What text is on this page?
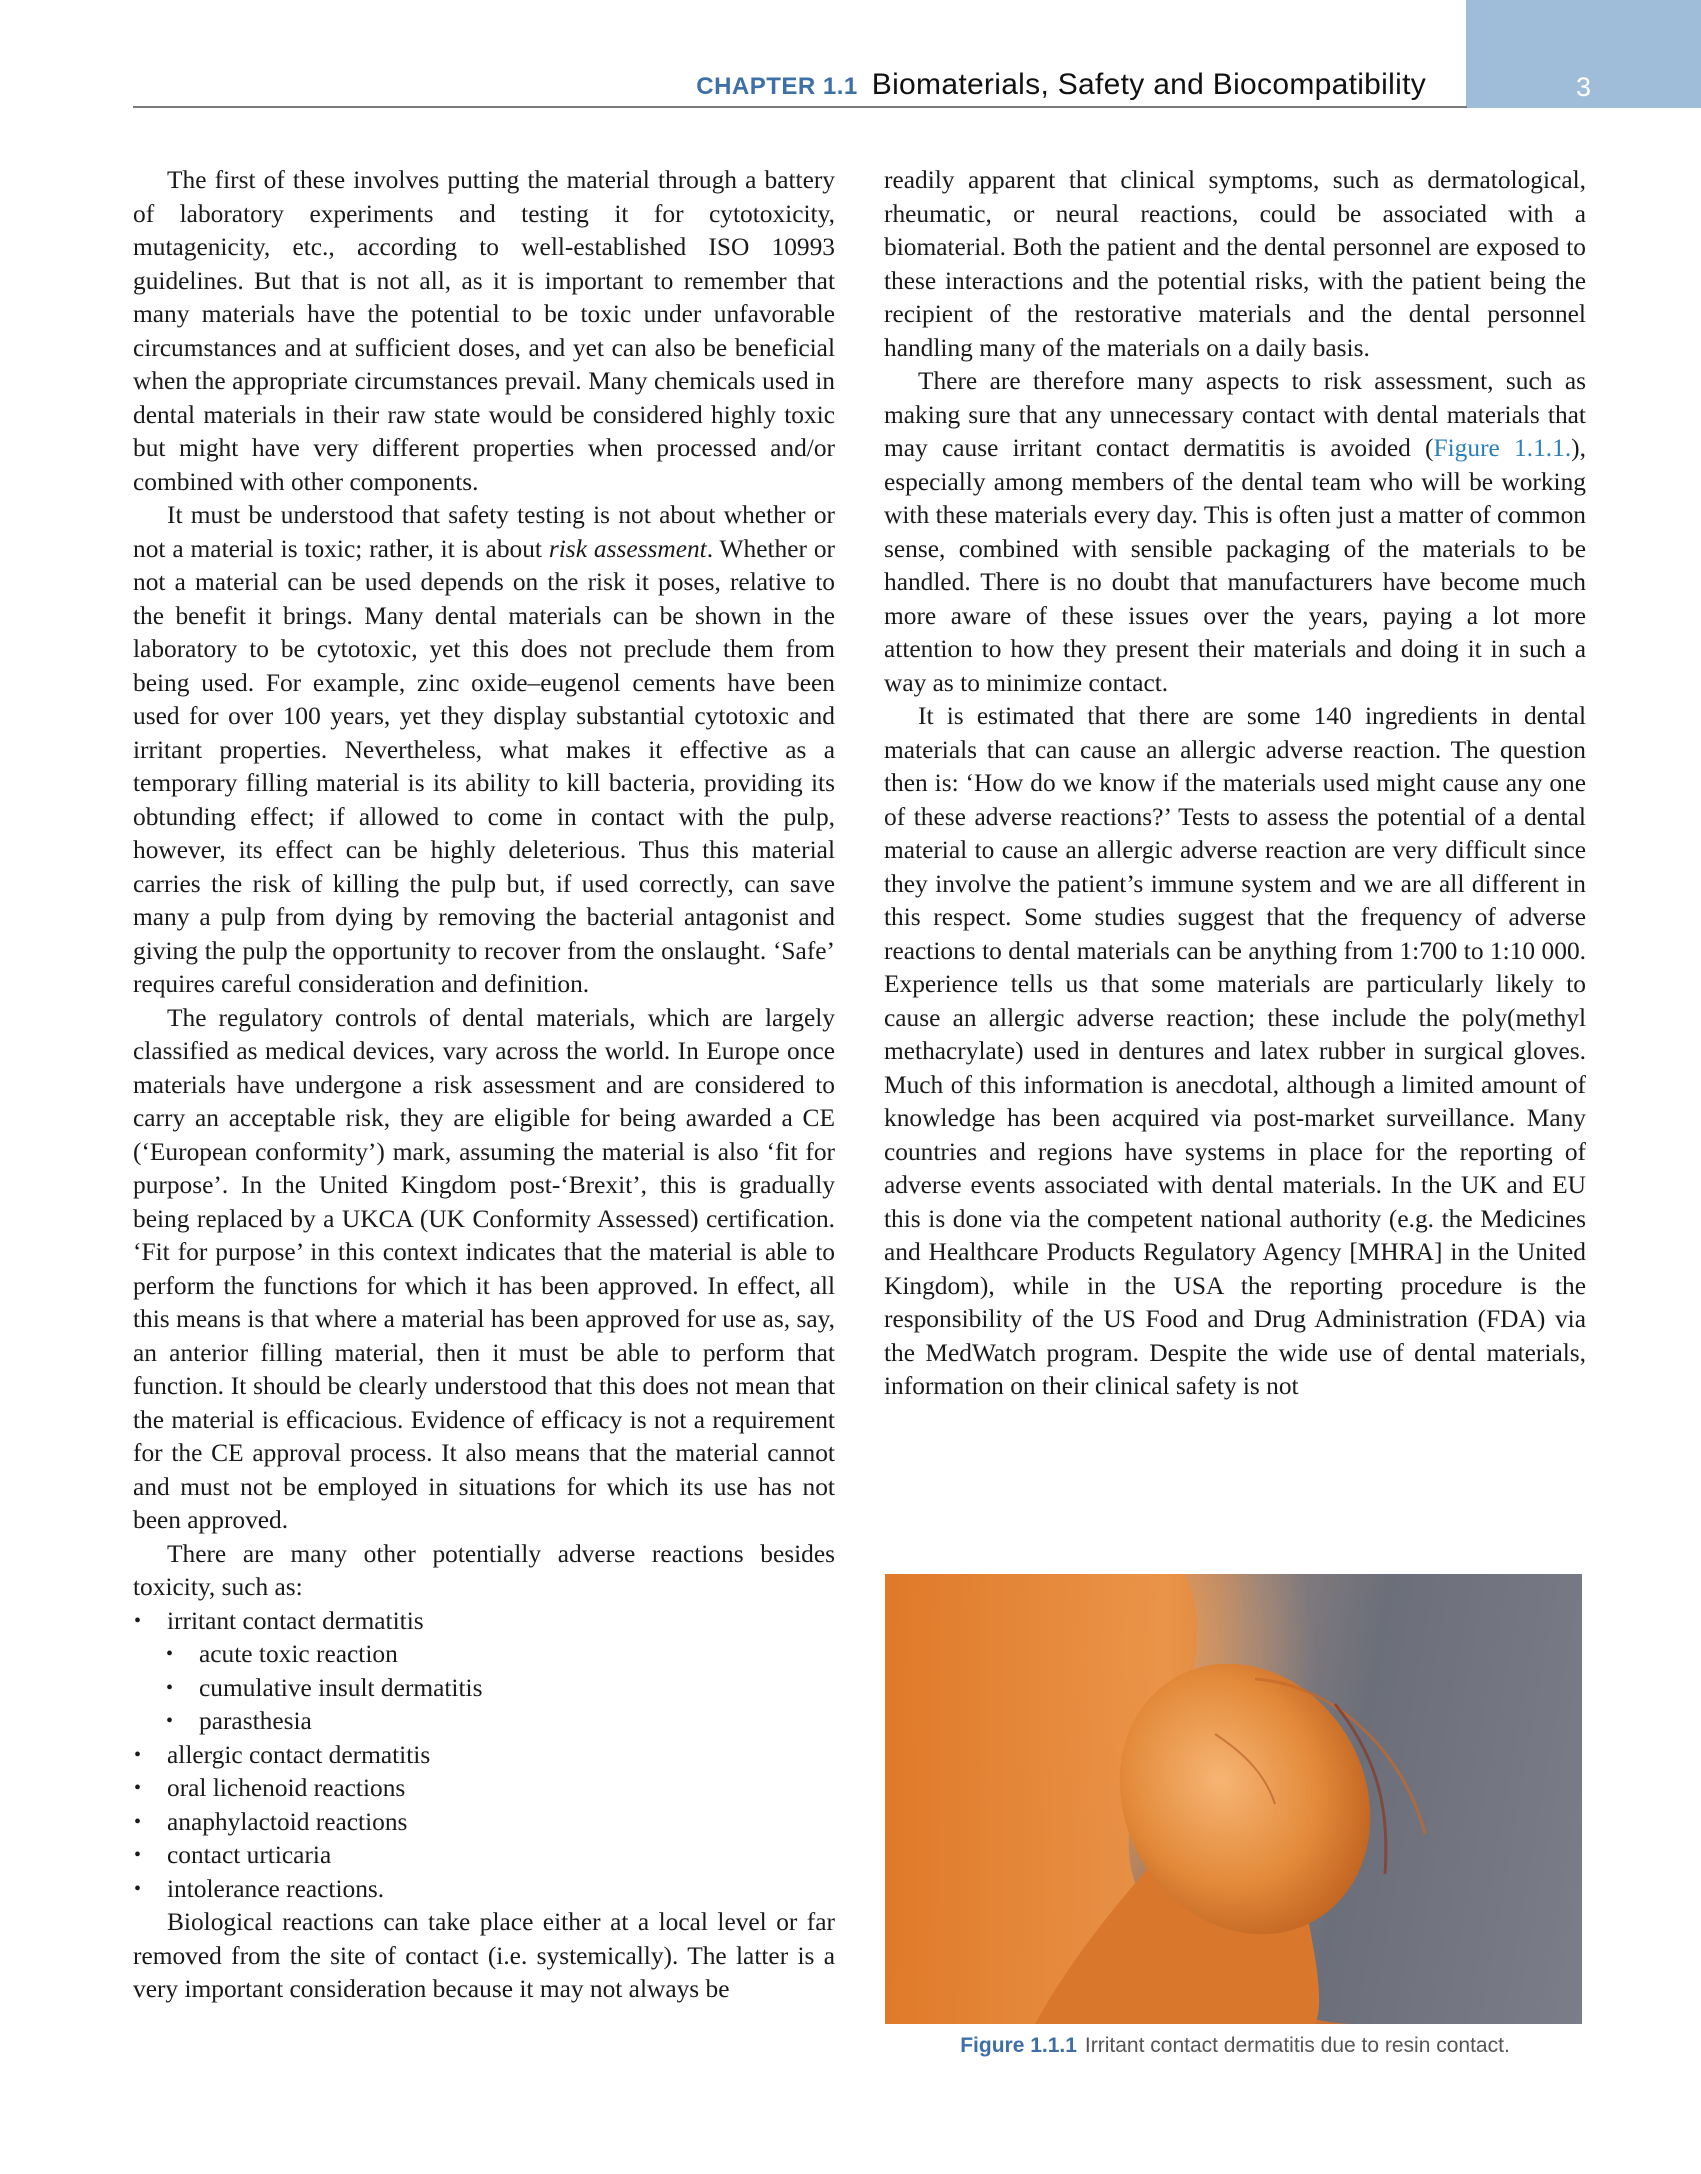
3
CHAPTER 1.1 Biomaterials, Safety and Biocompatibility

The first of these involves putting the material through a battery of laboratory experiments and testing it for cytotoxicity, mutagenicity, etc., according to well-established ISO 10993 guidelines. But that is not all, as it is important to remember that many materials have the potential to be toxic under unfavorable circumstances and at sufficient doses, and yet can also be beneficial when the appropriate circumstances prevail. Many chemicals used in dental materials in their raw state would be considered highly toxic but might have very different properties when processed and/or combined with other components.

It must be understood that safety testing is not about whether or not a material is toxic; rather, it is about risk assessment. Whether or not a material can be used depends on the risk it poses, relative to the benefit it brings. Many dental materials can be shown in the laboratory to be cytotoxic, yet this does not preclude them from being used. For example, zinc oxide–eugenol cements have been used for over 100 years, yet they display substantial cytotoxic and irritant properties. Nevertheless, what makes it effective as a temporary filling material is its ability to kill bacteria, providing its obtunding effect; if allowed to come in contact with the pulp, however, its effect can be highly deleterious. Thus this material carries the risk of killing the pulp but, if used correctly, can save many a pulp from dying by removing the bacterial antagonist and giving the pulp the opportunity to recover from the onslaught. ‘Safe’ requires careful consideration and definition.

The regulatory controls of dental materials, which are largely classified as medical devices, vary across the world. In Europe once materials have undergone a risk assessment and are considered to carry an acceptable risk, they are eligible for being awarded a CE (‘European conformity’) mark, assuming the material is also ‘fit for purpose’. In the United Kingdom post-‘Brexit’, this is gradually being replaced by a UKCA (UK Conformity Assessed) certification. ‘Fit for purpose’ in this context indicates that the material is able to perform the functions for which it has been approved. In effect, all this means is that where a material has been approved for use as, say, an anterior filling material, then it must be able to perform that function. It should be clearly understood that this does not mean that the material is efficacious. Evidence of efficacy is not a requirement for the CE approval process. It also means that the material cannot and must not be employed in situations for which its use has not been approved.

There are many other potentially adverse reactions besides toxicity, such as:

• irritant contact dermatitis
• acute toxic reaction
• cumulative insult dermatitis
• parasthesia
• allergic contact dermatitis
• oral lichenoid reactions
• anaphylactoid reactions
• contact urticaria
• intolerance reactions.

Biological reactions can take place either at a local level or far removed from the site of contact (i.e. systemically). The latter is a very important consideration because it may not always be

readily apparent that clinical symptoms, such as dermatological, rheumatic, or neural reactions, could be associated with a biomaterial. Both the patient and the dental personnel are exposed to these interactions and the potential risks, with the patient being the recipient of the restorative materials and the dental personnel handling many of the materials on a daily basis.

There are therefore many aspects to risk assessment, such as making sure that any unnecessary contact with dental materials that may cause irritant contact dermatitis is avoided (Figure 1.1.1.), especially among members of the dental team who will be working with these materials every day. This is often just a matter of common sense, combined with sensible packaging of the materials to be handled. There is no doubt that manufacturers have become much more aware of these issues over the years, paying a lot more attention to how they present their materials and doing it in such a way as to minimize contact.

It is estimated that there are some 140 ingredients in dental materials that can cause an allergic adverse reaction. The question then is: ‘How do we know if the materials used might cause any one of these adverse reactions?’ Tests to assess the potential of a dental material to cause an allergic adverse reaction are very difficult since they involve the patient’s immune system and we are all different in this respect. Some studies suggest that the frequency of adverse reactions to dental materials can be anything from 1:700 to 1:10 000. Experience tells us that some materials are particularly likely to cause an allergic adverse reaction; these include the poly(methyl methacrylate) used in dentures and latex rubber in surgical gloves. Much of this information is anecdotal, although a limited amount of knowledge has been acquired via post-market surveillance. Many countries and regions have systems in place for the reporting of adverse events associated with dental materials. In the UK and EU this is done via the competent national authority (e.g. the Medicines and Healthcare Products Regulatory Agency [MHRA] in the United Kingdom), while in the USA the reporting procedure is the responsibility of the US Food and Drug Administration (FDA) via the MedWatch program. Despite the wide use of dental materials, information on their clinical safety is not

Figure 1.1.1 Irritant contact dermatitis due to resin contact.
